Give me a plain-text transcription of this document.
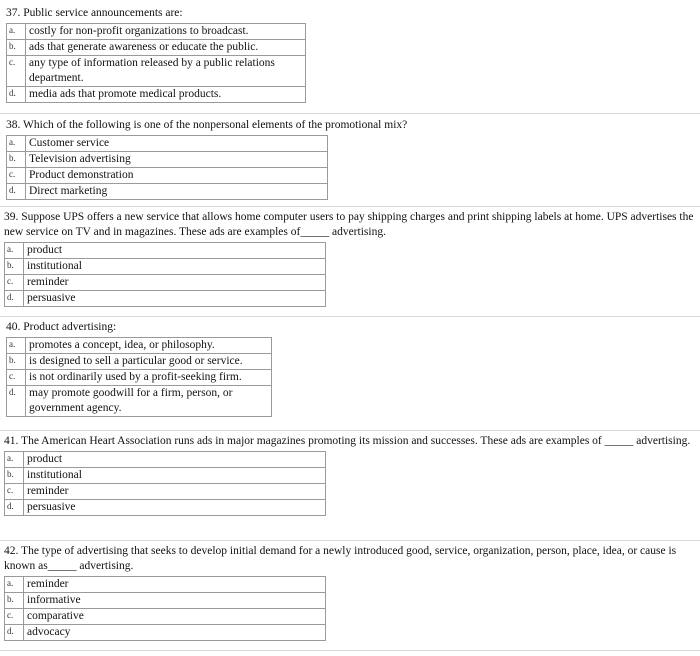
37. Public service announcements are:
a.	costly for non-profit organizations to broadcast.
b.	ads that generate awareness or educate the public.
c.	any type of information released by a public relations department.
d.	media ads that promote medical products.
38. Which of the following is one of the nonpersonal elements of the promotional mix?
a.	Customer service
b.	Television advertising
c.	Product demonstration
d.	Direct marketing
39. Suppose UPS offers a new service that allows home computer users to pay shipping charges and print shipping labels at home. UPS advertises the new service on TV and in magazines. These ads are examples of_____ advertising.
a.	product
b.	institutional
c.	reminder
d.	persuasive
40. Product advertising:
a.	promotes a concept, idea, or philosophy.
b.	is designed to sell a particular good or service.
c.	is not ordinarily used by a profit-seeking firm.
d.	may promote goodwill for a firm, person, or government agency.
41. The American Heart Association runs ads in major magazines promoting its mission and successes. These ads are examples of _____ advertising.
a.	product
b.	institutional
c.	reminder
d.	persuasive
42. The type of advertising that seeks to develop initial demand for a newly introduced good, service, organization, person, place, idea, or cause is known as_____ advertising.
a.	reminder
b.	informative
c.	comparative
d.	advocacy
